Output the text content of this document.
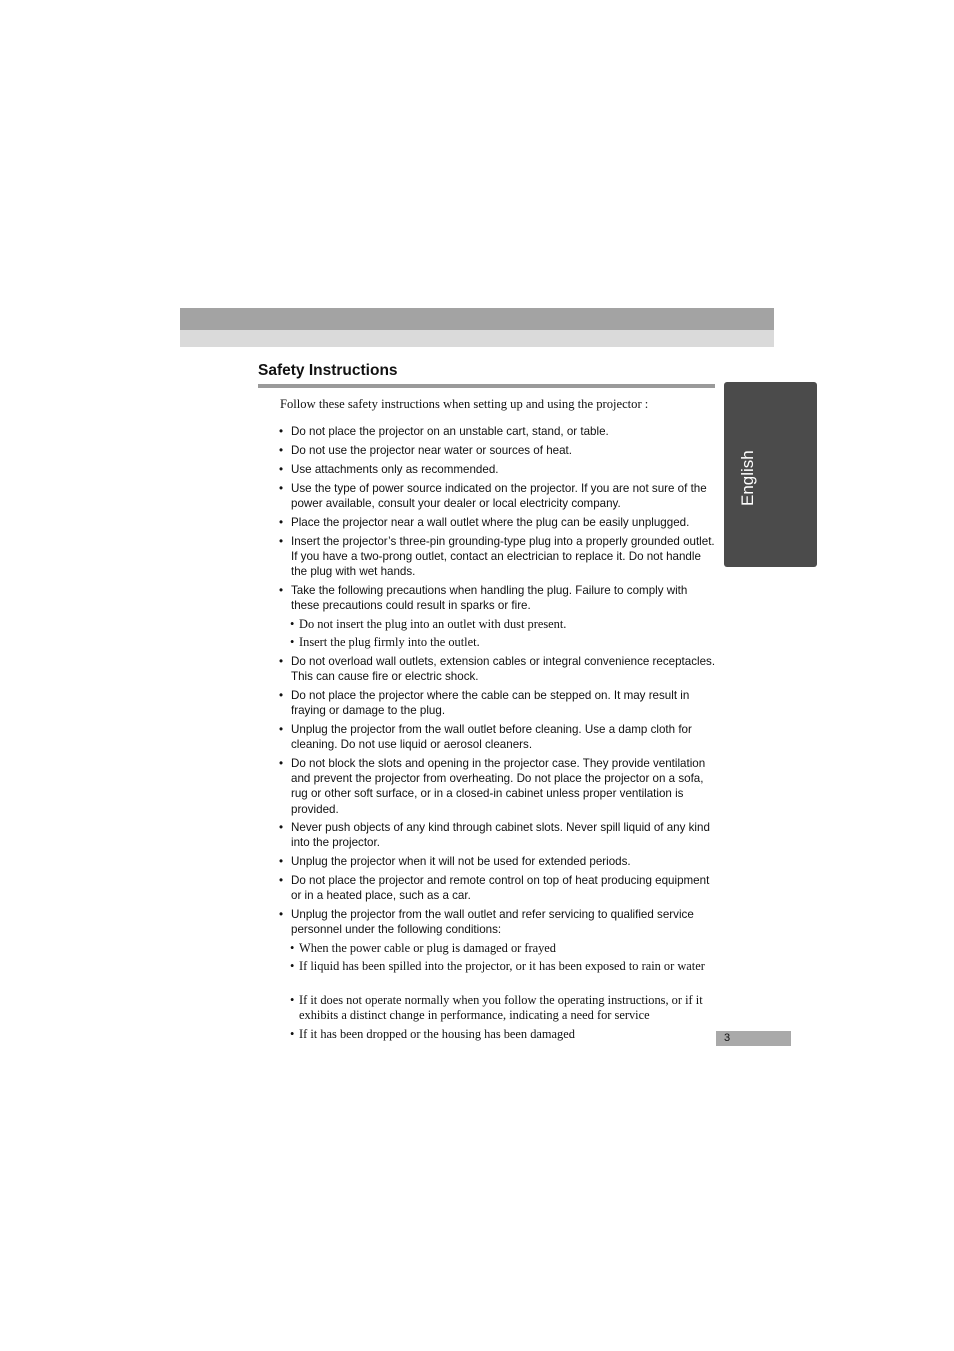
Safety Instructions
Follow these safety instructions when setting up and using the projector :
English
• Do not place the projector on an unstable cart, stand, or table.
• Do not use the projector near water or sources of heat.
• Use attachments only as recommended.
• Use the type of power source indicated on the projector. If you are not sure of the power available, consult your dealer or local electricity company.
• Place the projector near a wall outlet where the plug can be easily unplugged.
• Insert the projector’s three-pin grounding-type plug into a properly grounded outlet. If you have a two-prong outlet, contact an electrician to replace it. Do not handle the plug with wet hands.
• Take the following precautions when handling the plug. Failure to comply with these precautions could result in sparks or fire.
• Do not insert the plug into an outlet with dust present.
• Insert the plug firmly into the outlet.
• Do not overload wall outlets, extension cables or integral convenience receptacles. This can cause fire or electric shock.
• Do not place the projector where the cable can be stepped on. It may result in fraying or damage to the plug.
• Unplug the projector from the wall outlet before cleaning. Use a damp cloth for cleaning. Do not use liquid or aerosol cleaners.
• Do not block the slots and opening in the projector case. They provide ventilation and prevent the projector from overheating. Do not place the projector on a sofa, rug or other soft surface, or in a closed-in cabinet unless proper ventilation is provided.
• Never push objects of any kind through cabinet slots. Never spill liquid of any kind into the projector.
• Unplug the projector when it will not be used for extended periods.
• Do not place the projector and remote control on top of heat producing equipment or in a heated place, such as a car.
• Unplug the projector from the wall outlet and refer servicing to qualified service personnel under the following conditions:
• When the power cable or plug is damaged or frayed
• If liquid has been spilled into the projector, or it has been exposed to rain or water
• If it does not operate normally when you follow the operating instructions, or if it exhibits a distinct change in performance, indicating a need for service
• If it has been dropped or the housing has been damaged	3
